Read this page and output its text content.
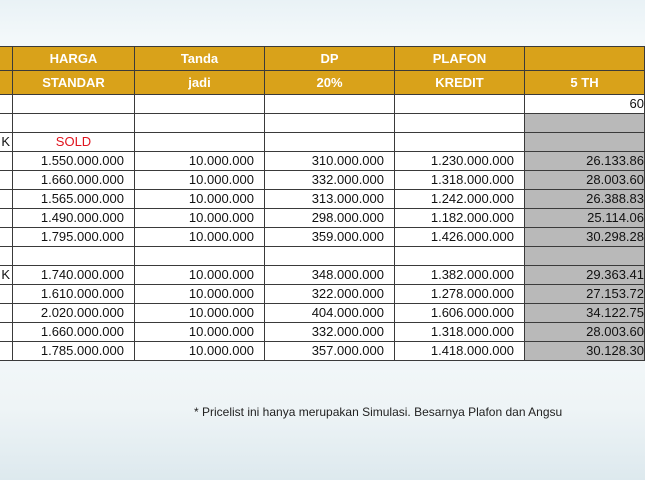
	HARGA	Tanda	DP	PLAFON	
	STANDAR	jadi	20%	KREDIT	5 TH
					60

K	SOLD				
	1.550.000.000	10.000.000	310.000.000	1.230.000.000	26.133.86
	1.660.000.000	10.000.000	332.000.000	1.318.000.000	28.003.60
	1.565.000.000	10.000.000	313.000.000	1.242.000.000	26.388.83
	1.490.000.000	10.000.000	298.000.000	1.182.000.000	25.114.06
	1.795.000.000	10.000.000	359.000.000	1.426.000.000	30.298.28

K	1.740.000.000	10.000.000	348.000.000	1.382.000.000	29.363.41
	1.610.000.000	10.000.000	322.000.000	1.278.000.000	27.153.72
	2.020.000.000	10.000.000	404.000.000	1.606.000.000	34.122.75
	1.660.000.000	10.000.000	332.000.000	1.318.000.000	28.003.60
	1.785.000.000	10.000.000	357.000.000	1.418.000.000	30.128.30
* Pricelist ini hanya merupakan Simulasi. Besarnya Plafon dan Angsu
